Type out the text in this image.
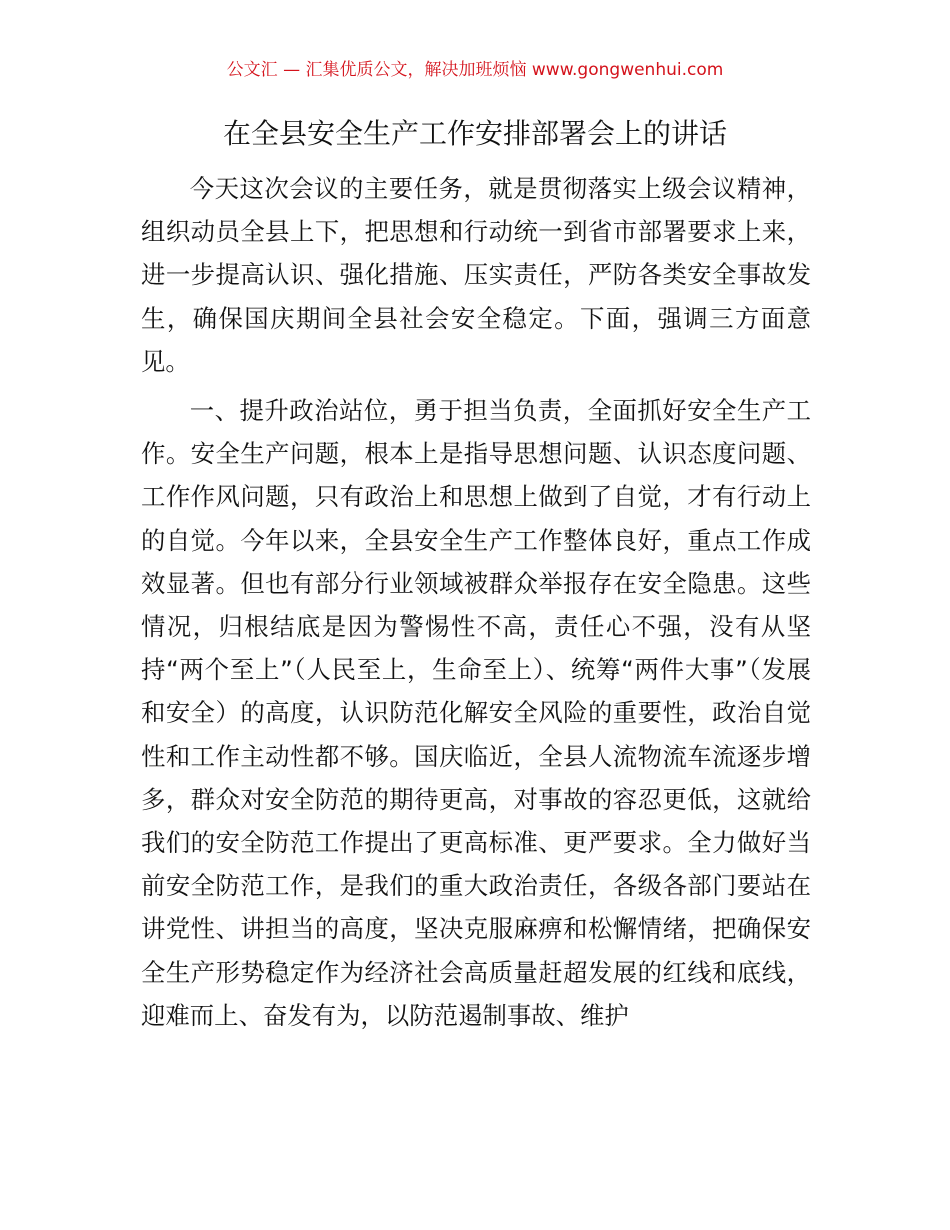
公文汇 — 汇集优质公文，解决加班烦恼 www.gongwenhui.com
在全县安全生产工作安排部署会上的讲话

今天这次会议的主要任务，就是贯彻落实上级会议精神，组织动员全县上下，把思想和行动统一到省市部署要求上来，进一步提高认识、强化措施、压实责任，严防各类安全事故发生，确保国庆期间全县社会安全稳定。下面，强调三方面意见。

一、提升政治站位，勇于担当负责，全面抓好安全生产工作。安全生产问题，根本上是指导思想问题、认识态度问题、工作作风问题，只有政治上和思想上做到了自觉，才有行动上的自觉。今年以来，全县安全生产工作整体良好，重点工作成效显著。但也有部分行业领域被群众举报存在安全隐患。这些情况，归根结底是因为警惕性不高，责任心不强，没有从坚持“两个至上”（人民至上，生命至上）、统筹“两件大事”（发展和安全）的高度，认识防范化解安全风险的重要性，政治自觉性和工作主动性都不够。国庆临近，全县人流物流车流逐步增多，群众对安全防范的期待更高，对事故的容忍更低，这就给我们的安全防范工作提出了更高标准、更严要求。全力做好当前安全防范工作，是我们的重大政治责任，各级各部门要站在讲党性、讲担当的高度，坚决克服麻痹和松懈情绪，把确保安全生产形势稳定作为经济社会高质量赶超发展的红线和底线，迎难而上、奋发有为，以防范遏制事故、维护
